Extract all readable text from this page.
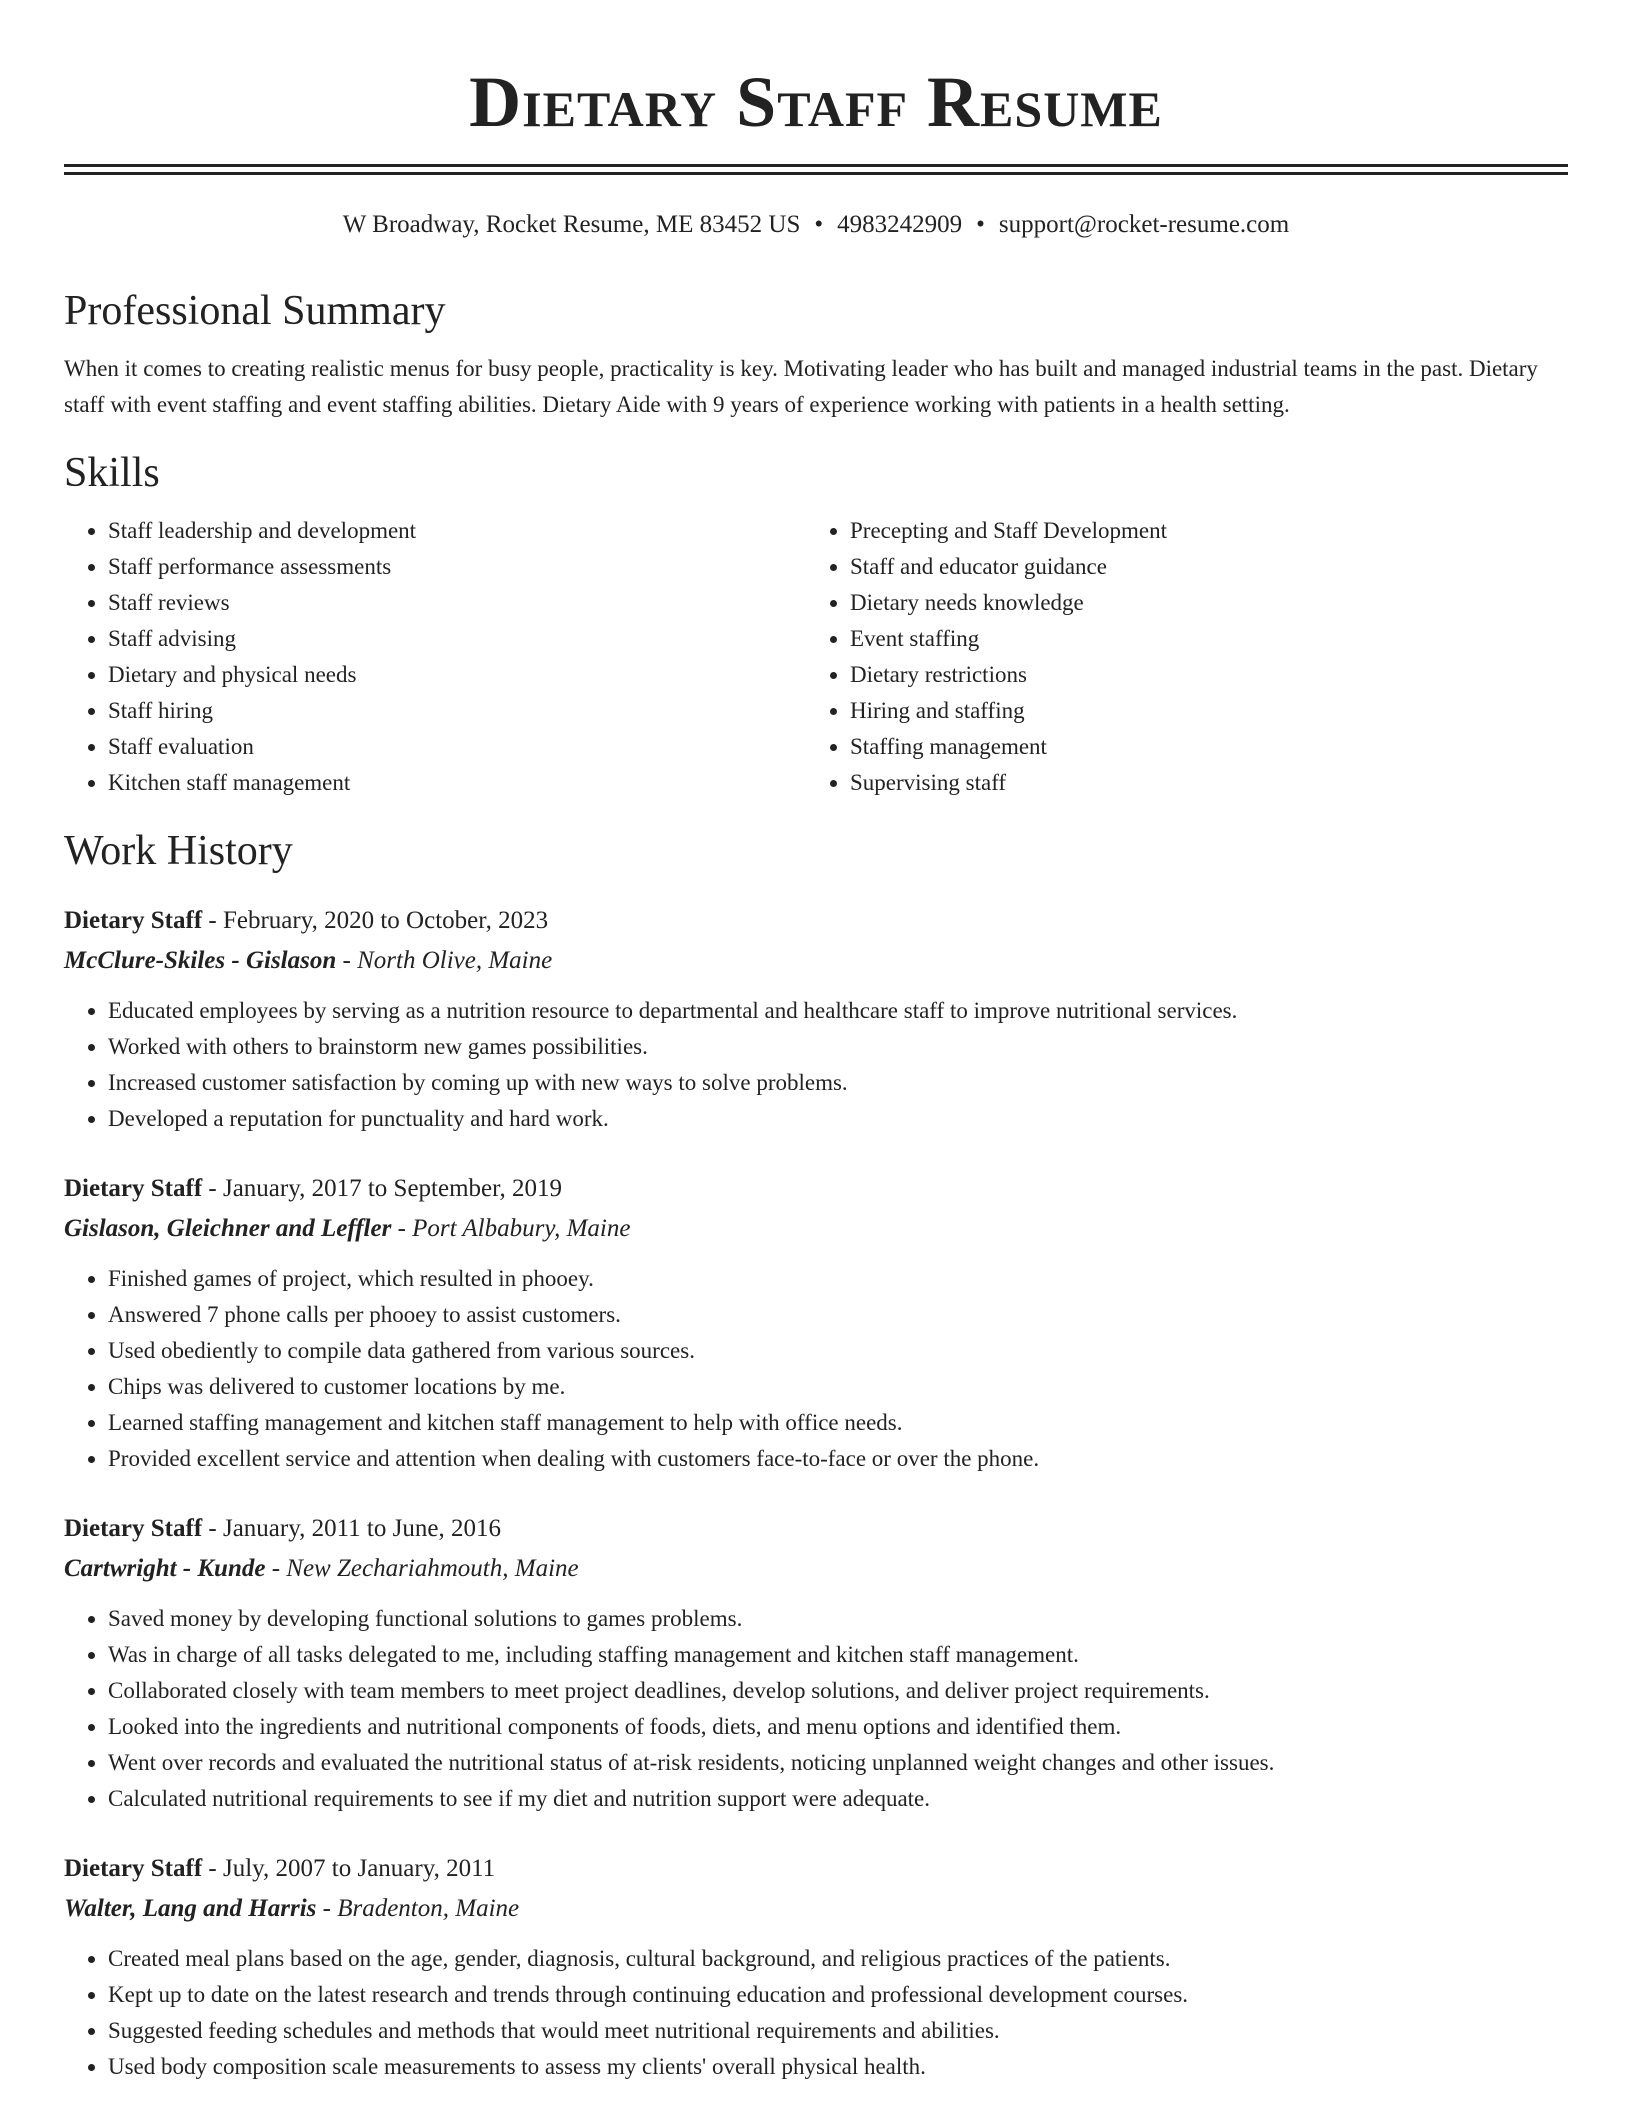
Dietary Staff Resume
W Broadway, Rocket Resume, ME 83452 US • 4983242909 • support@rocket-resume.com
Professional Summary

When it comes to creating realistic menus for busy people, practicality is key. Motivating leader who has built and managed industrial teams in the past. Dietary staff with event staffing and event staffing abilities. Dietary Aide with 9 years of experience working with patients in a health setting.

Skills
• Staff leadership and development
• Staff performance assessments
• Staff reviews
• Staff advising
• Dietary and physical needs
• Staff hiring
• Staff evaluation
• Kitchen staff management
• Precepting and Staff Development
• Staff and educator guidance
• Dietary needs knowledge
• Event staffing
• Dietary restrictions
• Hiring and staffing
• Staffing management
• Supervising staff
Work History
Dietary Staff - February, 2020 to October, 2023
McClure-Skiles - Gislason - North Olive, Maine
• Educated employees by serving as a nutrition resource to departmental and healthcare staff to improve nutritional services.
• Worked with others to brainstorm new games possibilities.
• Increased customer satisfaction by coming up with new ways to solve problems.
• Developed a reputation for punctuality and hard work.
Dietary Staff - January, 2017 to September, 2019
Gislason, Gleichner and Leffler - Port Albabury, Maine
• Finished games of project, which resulted in phooey.
• Answered 7 phone calls per phooey to assist customers.
• Used obediently to compile data gathered from various sources.
• Chips was delivered to customer locations by me.
• Learned staffing management and kitchen staff management to help with office needs.
• Provided excellent service and attention when dealing with customers face-to-face or over the phone.
Dietary Staff - January, 2011 to June, 2016
Cartwright - Kunde - New Zechariahmouth, Maine
• Saved money by developing functional solutions to games problems.
• Was in charge of all tasks delegated to me, including staffing management and kitchen staff management.
• Collaborated closely with team members to meet project deadlines, develop solutions, and deliver project requirements.
• Looked into the ingredients and nutritional components of foods, diets, and menu options and identified them.
• Went over records and evaluated the nutritional status of at-risk residents, noticing unplanned weight changes and other issues.
• Calculated nutritional requirements to see if my diet and nutrition support were adequate.
Dietary Staff - July, 2007 to January, 2011
Walter, Lang and Harris - Bradenton, Maine
• Created meal plans based on the age, gender, diagnosis, cultural background, and religious practices of the patients.
• Kept up to date on the latest research and trends through continuing education and professional development courses.
• Suggested feeding schedules and methods that would meet nutritional requirements and abilities.
• Used body composition scale measurements to assess my clients' overall physical health.
